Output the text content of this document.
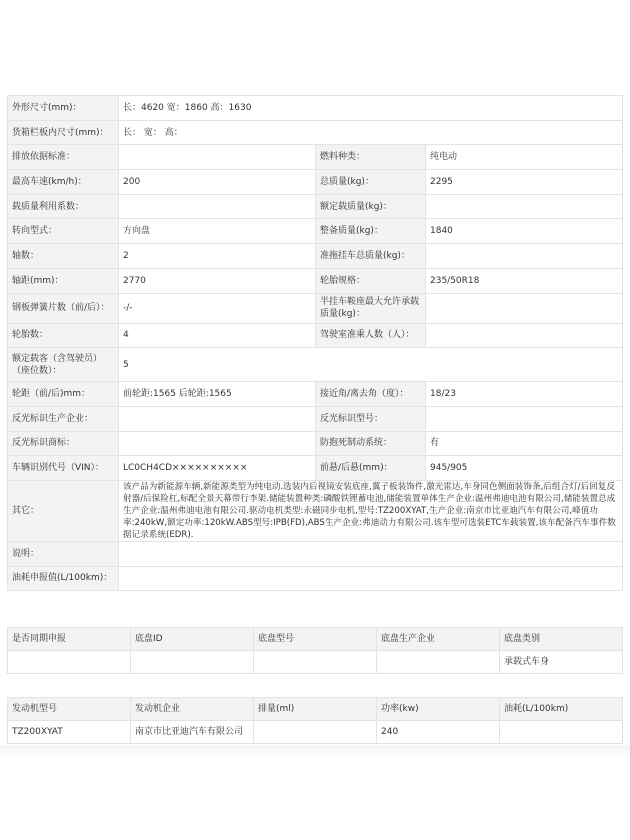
外形尺寸(mm)：	长：4620 宽：1860 高：1630		
货箱栏板内尺寸(mm)：	长： 宽： 高：		
排放依据标准：		燃料种类：	纯电动
最高车速(km/h)：	200	总质量(kg)：	2295
载质量利用系数：		额定载质量(kg)：	
转向型式：	方向盘	整备质量(kg)：	1840
轴数：	2	准拖挂车总质量(kg)：	
轴距(mm)：	2770	轮胎规格：	235/50R18
钢板弹簧片数（前/后）：	-/-	半挂车鞍座最大允许承载质量(kg)：	
轮胎数：	4	驾驶室准乘人数（人）：	
额定载客（含驾驶员）（座位数）：	5		
轮距（前/后)mm：	前轮距:1565 后轮距:1565	接近角/离去角（度）：	18/23
反光标识生产企业：		反光标识型号：	
反光标识商标：		防抱死制动系统：	有
车辆识别代号（VIN）：	LC0CH4CD××××××××××	前悬/后悬(mm)：	945/905
其它：	该产品为新能源车辆,新能源类型为纯电动.选装内后视镜安装底座,翼子板装饰件,激光雷达,车身同色侧面装饰条,后组合灯/后回复反射器/后保险杠,标配全景天幕带行李架.储能装置种类:磷酸铁锂蓄电池,储能装置单体生产企业:温州弗迪电池有限公司,储能装置总成生产企业:温州弗迪电池有限公司.驱动电机类型:永磁同步电机,型号:TZ200XYAT,生产企业:南京市比亚迪汽车有限公司,峰值功率:240kW,额定功率:120kW.ABS型号:IPB(FD),ABS生产企业:弗迪动力有限公司.该车型可选装ETC车载装置,该车配备汽车事件数据记录系统(EDR).		
说明：			
油耗申报值(L/100km)：			
是否同期申报	底盘ID	底盘型号	底盘生产企业	底盘类别
				承载式车身
发动机型号	发动机企业	排量(ml)	功率(kw)	油耗(L/100km)
TZ200XYAT	南京市比亚迪汽车有限公司		240	
